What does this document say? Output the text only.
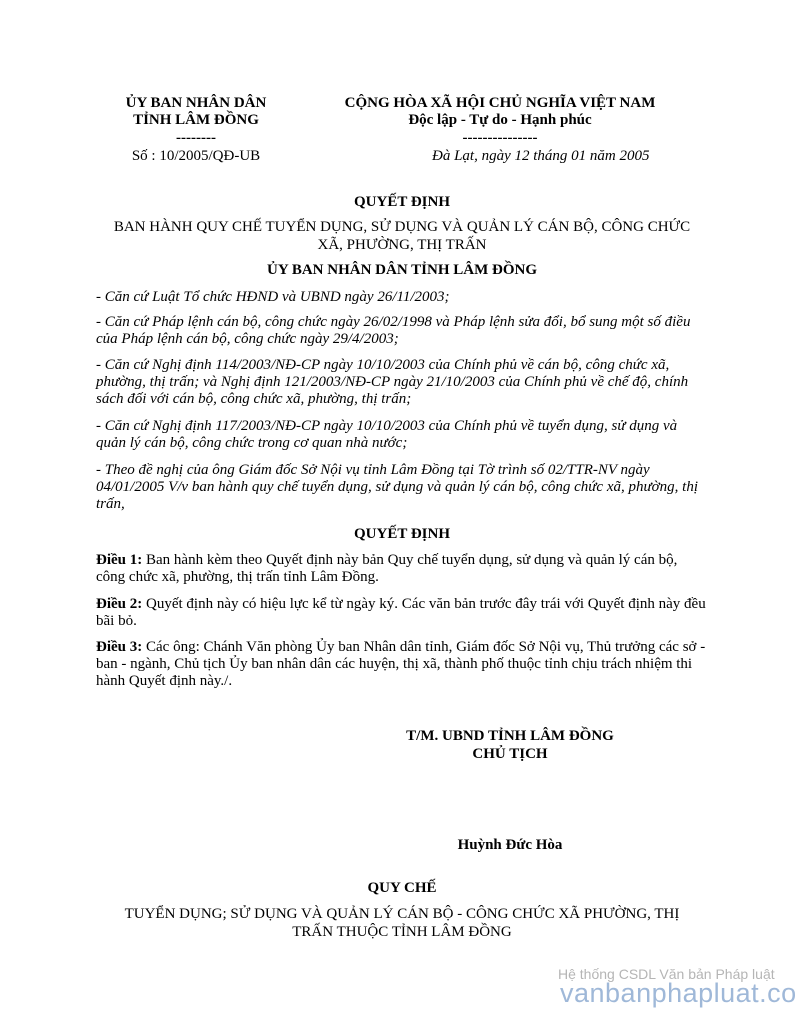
ỦY BAN NHÂN DÂN
TỈNH LÂM ĐỒNG
--------
Số : 10/2005/QĐ-UB
CỘNG HÒA XÃ HỘI CHỦ NGHĨA VIỆT NAM
Độc lập - Tự do - Hạnh phúc
---------------
Đà Lạt, ngày 12 tháng 01 năm 2005
QUYẾT ĐỊNH
BAN HÀNH QUY CHẾ TUYỂN DỤNG, SỬ DỤNG VÀ QUẢN LÝ CÁN BỘ, CÔNG CHỨC
XÃ, PHƯỜNG, THỊ TRẤN
ỦY BAN NHÂN DÂN TỈNH LÂM ĐỒNG
- Căn cứ Luật Tổ chức HĐND và UBND ngày 26/11/2003;
- Căn cứ Pháp lệnh cán bộ, công chức ngày 26/02/1998 và Pháp lệnh sửa đổi, bổ sung một số điều của Pháp lệnh cán bộ, công chức ngày 29/4/2003;
- Căn cứ Nghị định 114/2003/NĐ-CP ngày 10/10/2003 của Chính phủ về cán bộ, công chức xã, phường, thị trấn; và Nghị định 121/2003/NĐ-CP ngày 21/10/2003 của Chính phủ về chế độ, chính sách đối với cán bộ, công chức xã, phường, thị trấn;
- Căn cứ Nghị định 117/2003/NĐ-CP ngày 10/10/2003 của Chính phủ về tuyển dụng, sử dụng và quản lý cán bộ, công chức trong cơ quan nhà nước;
- Theo đề nghị của ông Giám đốc Sở Nội vụ tỉnh Lâm Đồng tại Tờ trình số 02/TTR-NV ngày 04/01/2005 V/v ban hành quy chế tuyển dụng, sử dụng và quản lý cán bộ, công chức xã, phường, thị trấn,
QUYẾT ĐỊNH
Điều 1: Ban hành kèm theo Quyết định này bản Quy chế tuyển dụng, sử dụng và quản lý cán bộ, công chức xã, phường, thị trấn tỉnh Lâm Đồng.
Điều 2: Quyết định này có hiệu lực kể từ ngày ký. Các văn bản trước đây trái với Quyết định này đều bãi bỏ.
Điều 3: Các ông: Chánh Văn phòng Ủy ban Nhân dân tỉnh, Giám đốc Sở Nội vụ, Thủ trưởng các sở - ban - ngành, Chủ tịch Ủy ban nhân dân các huyện, thị xã, thành phố thuộc tỉnh chịu trách nhiệm thi hành Quyết định này./.
T/M. UBND TỈNH LÂM ĐỒNG
CHỦ TỊCH
Huỳnh Đức Hòa
QUY CHẾ
TUYỂN DỤNG; SỬ DỤNG VÀ QUẢN LÝ CÁN BỘ - CÔNG CHỨC XÃ PHƯỜNG, THỊ
TRẤN THUỘC TỈNH LÂM ĐỒNG
Hệ thống CSDL Văn bản Pháp luật
vanbanphapluat.co
